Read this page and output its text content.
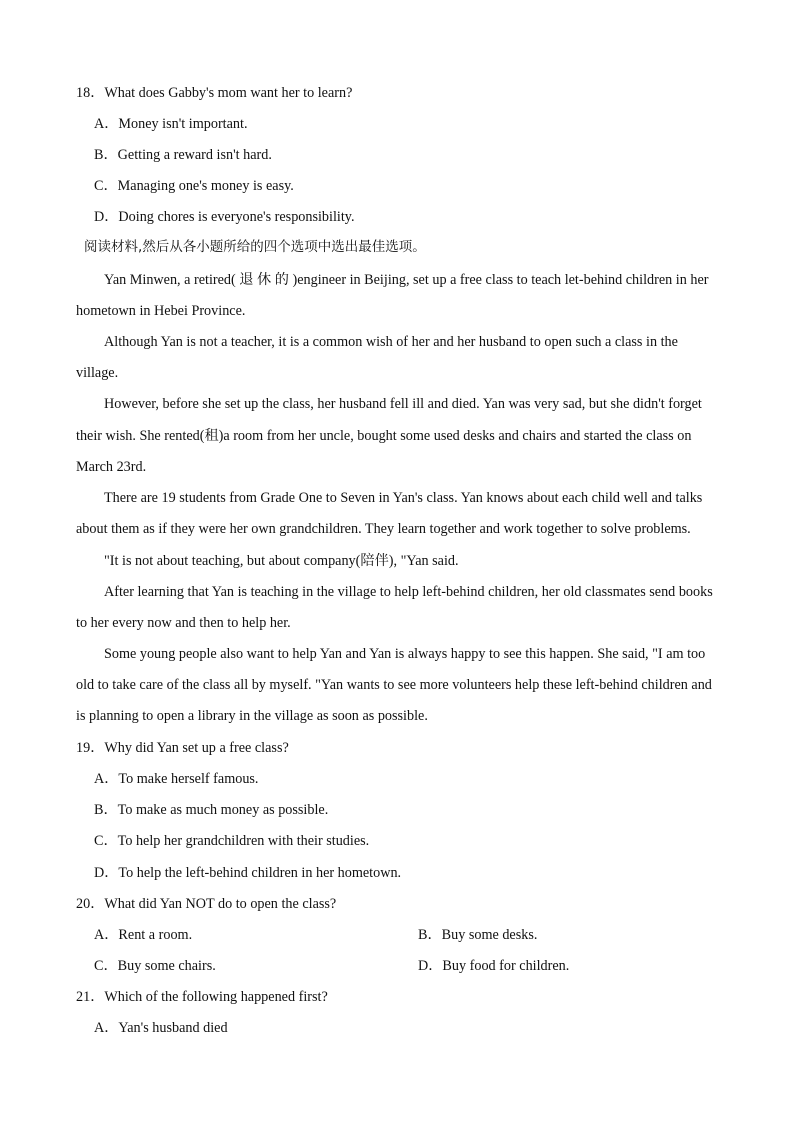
18．What does Gabby's mom want her to learn?
A．Money isn't important.
B．Getting a reward isn't hard.
C．Managing one's money is easy.
D．Doing chores is everyone's responsibility.
阅读材料,然后从各小题所给的四个选项中选出最佳选项。
Yan Minwen, a retired( 退 休 的 )engineer in Beijing, set up a free class to teach let-behind children in her
hometown in Hebei Province.
Although Yan is not a teacher, it is a common wish of her and her husband to open such a class in the
village.
However, before she set up the class, her husband fell ill and died. Yan was very sad, but she didn't forget
their wish. She rented(租)a room from her uncle, bought some used desks and chairs and started the class on
March 23rd.
There are 19 students from Grade One to Seven in Yan's class. Yan knows about each child well and talks
about them as if they were her own grandchildren. They learn together and work together to solve problems.
"It is not about teaching, but about company(陪伴), "Yan said.
After learning that Yan is teaching in the village to help left-behind children, her old classmates send books
to her every now and then to help her.
Some young people also want to help Yan and Yan is always happy to see this happen. She said, "I am too
old to take care of the class all by myself. "Yan wants to see more volunteers help these left-behind children and
is planning to open a library in the village as soon as possible.
19．Why did Yan set up a free class?
A．To make herself famous.
B．To make as much money as possible.
C．To help her grandchildren with their studies.
D．To help the left-behind children in her hometown.
20．What did Yan NOT do to open the class?
A．Rent a room.	B．Buy some desks.
C．Buy some chairs.	D．Buy food for children.
21．Which of the following happened first?
A．Yan's husband died
